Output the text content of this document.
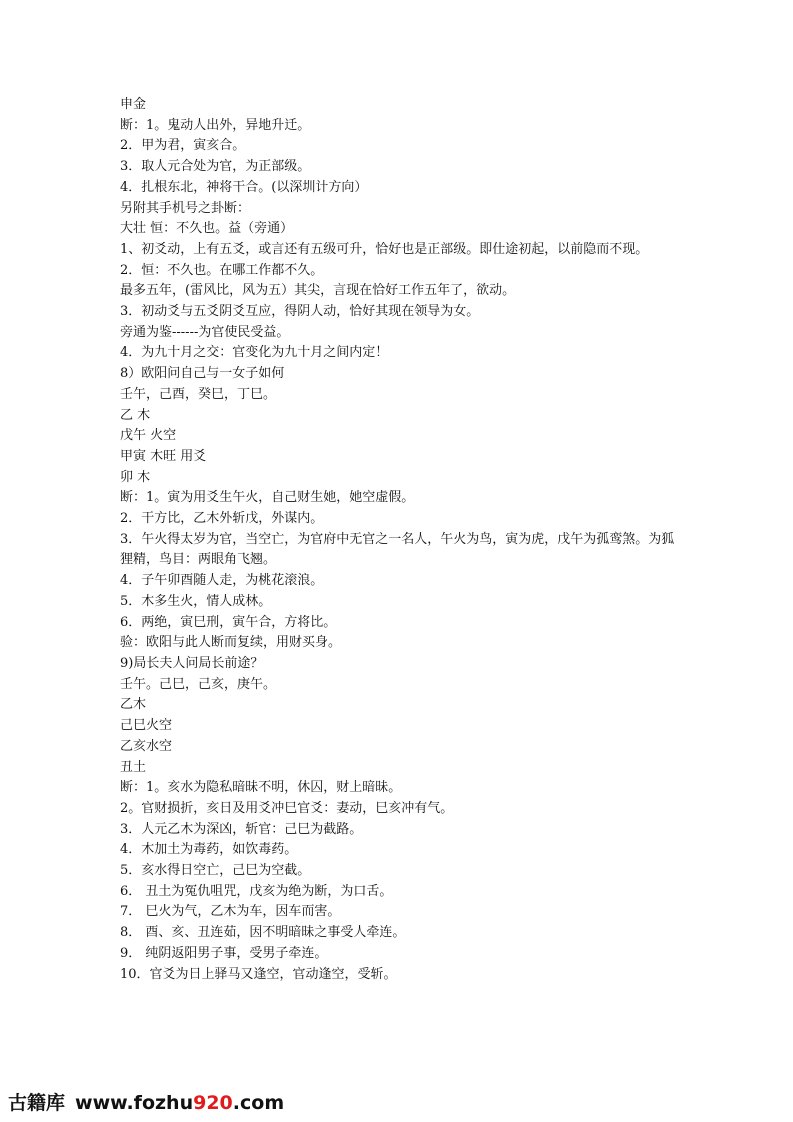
申金
断：1。鬼动人出外，异地升迁。
2．甲为君，寅亥合。
3．取人元合处为官，为正部级。
4．扎根东北，神将干合。(以深圳计方向）
另附其手机号之卦断：
大壮 恒：不久也。益（旁通）
1、初爻动，上有五爻，或言还有五级可升，恰好也是正部级。即仕途初起，以前隐而不现。
2．恒：不久也。在哪工作都不久。
最多五年，(雷风比，风为五）其尖，言现在恰好工作五年了，欲动。
3．初动爻与五爻阴爻互应，得阴人动，恰好其现在领导为女。
旁通为鉴------为官使民受益。
4．为九十月之交：官变化为九十月之间内定！
8）欧阳问自己与一女子如何
壬午，己酉，癸巳，丁巳。
乙 木
戊午 火空
甲寅 木旺 用爻
卯 木
断：1。寅为用爻生午火，自己财生她，她空虚假。
2．干方比，乙木外斩戊，外谋内。
3．午火得太岁为官，当空亡，为官府中无官之一名人，午火为鸟，寅为虎，戊午为孤鸾煞。为狐狸精，鸟目：两眼角飞翘。
4．子午卯酉随人走，为桃花滚浪。
5．木多生火，情人成林。
6．两绝，寅巳刑，寅午合，方将比。
验：欧阳与此人断而复续，用财买身。
9)局长夫人问局长前途？
壬午。己巳，己亥，庚午。
乙木
己巳火空
乙亥水空
丑土
断：1。亥水为隐私暗昧不明，休囚，财上暗昧。
2。官财损折，亥日及用爻冲巳官爻：妻动，巳亥冲有气。
3．人元乙木为深凶，斩官：己巳为截路。
4．木加土为毒药，如饮毒药。
5．亥水得日空亡，己巳为空截。
6． 丑土为冤仇咀咒，戊亥为绝为断，为口舌。
7． 巳火为气，乙木为车，因车而害。
8． 酉、亥、丑连茹，因不明暗昧之事受人牵连。
9． 纯阴返阳男子事，受男子牵连。
10．官爻为日上驿马又逢空，官动逢空，受斩。
古籍库 www.fozhu920.com
